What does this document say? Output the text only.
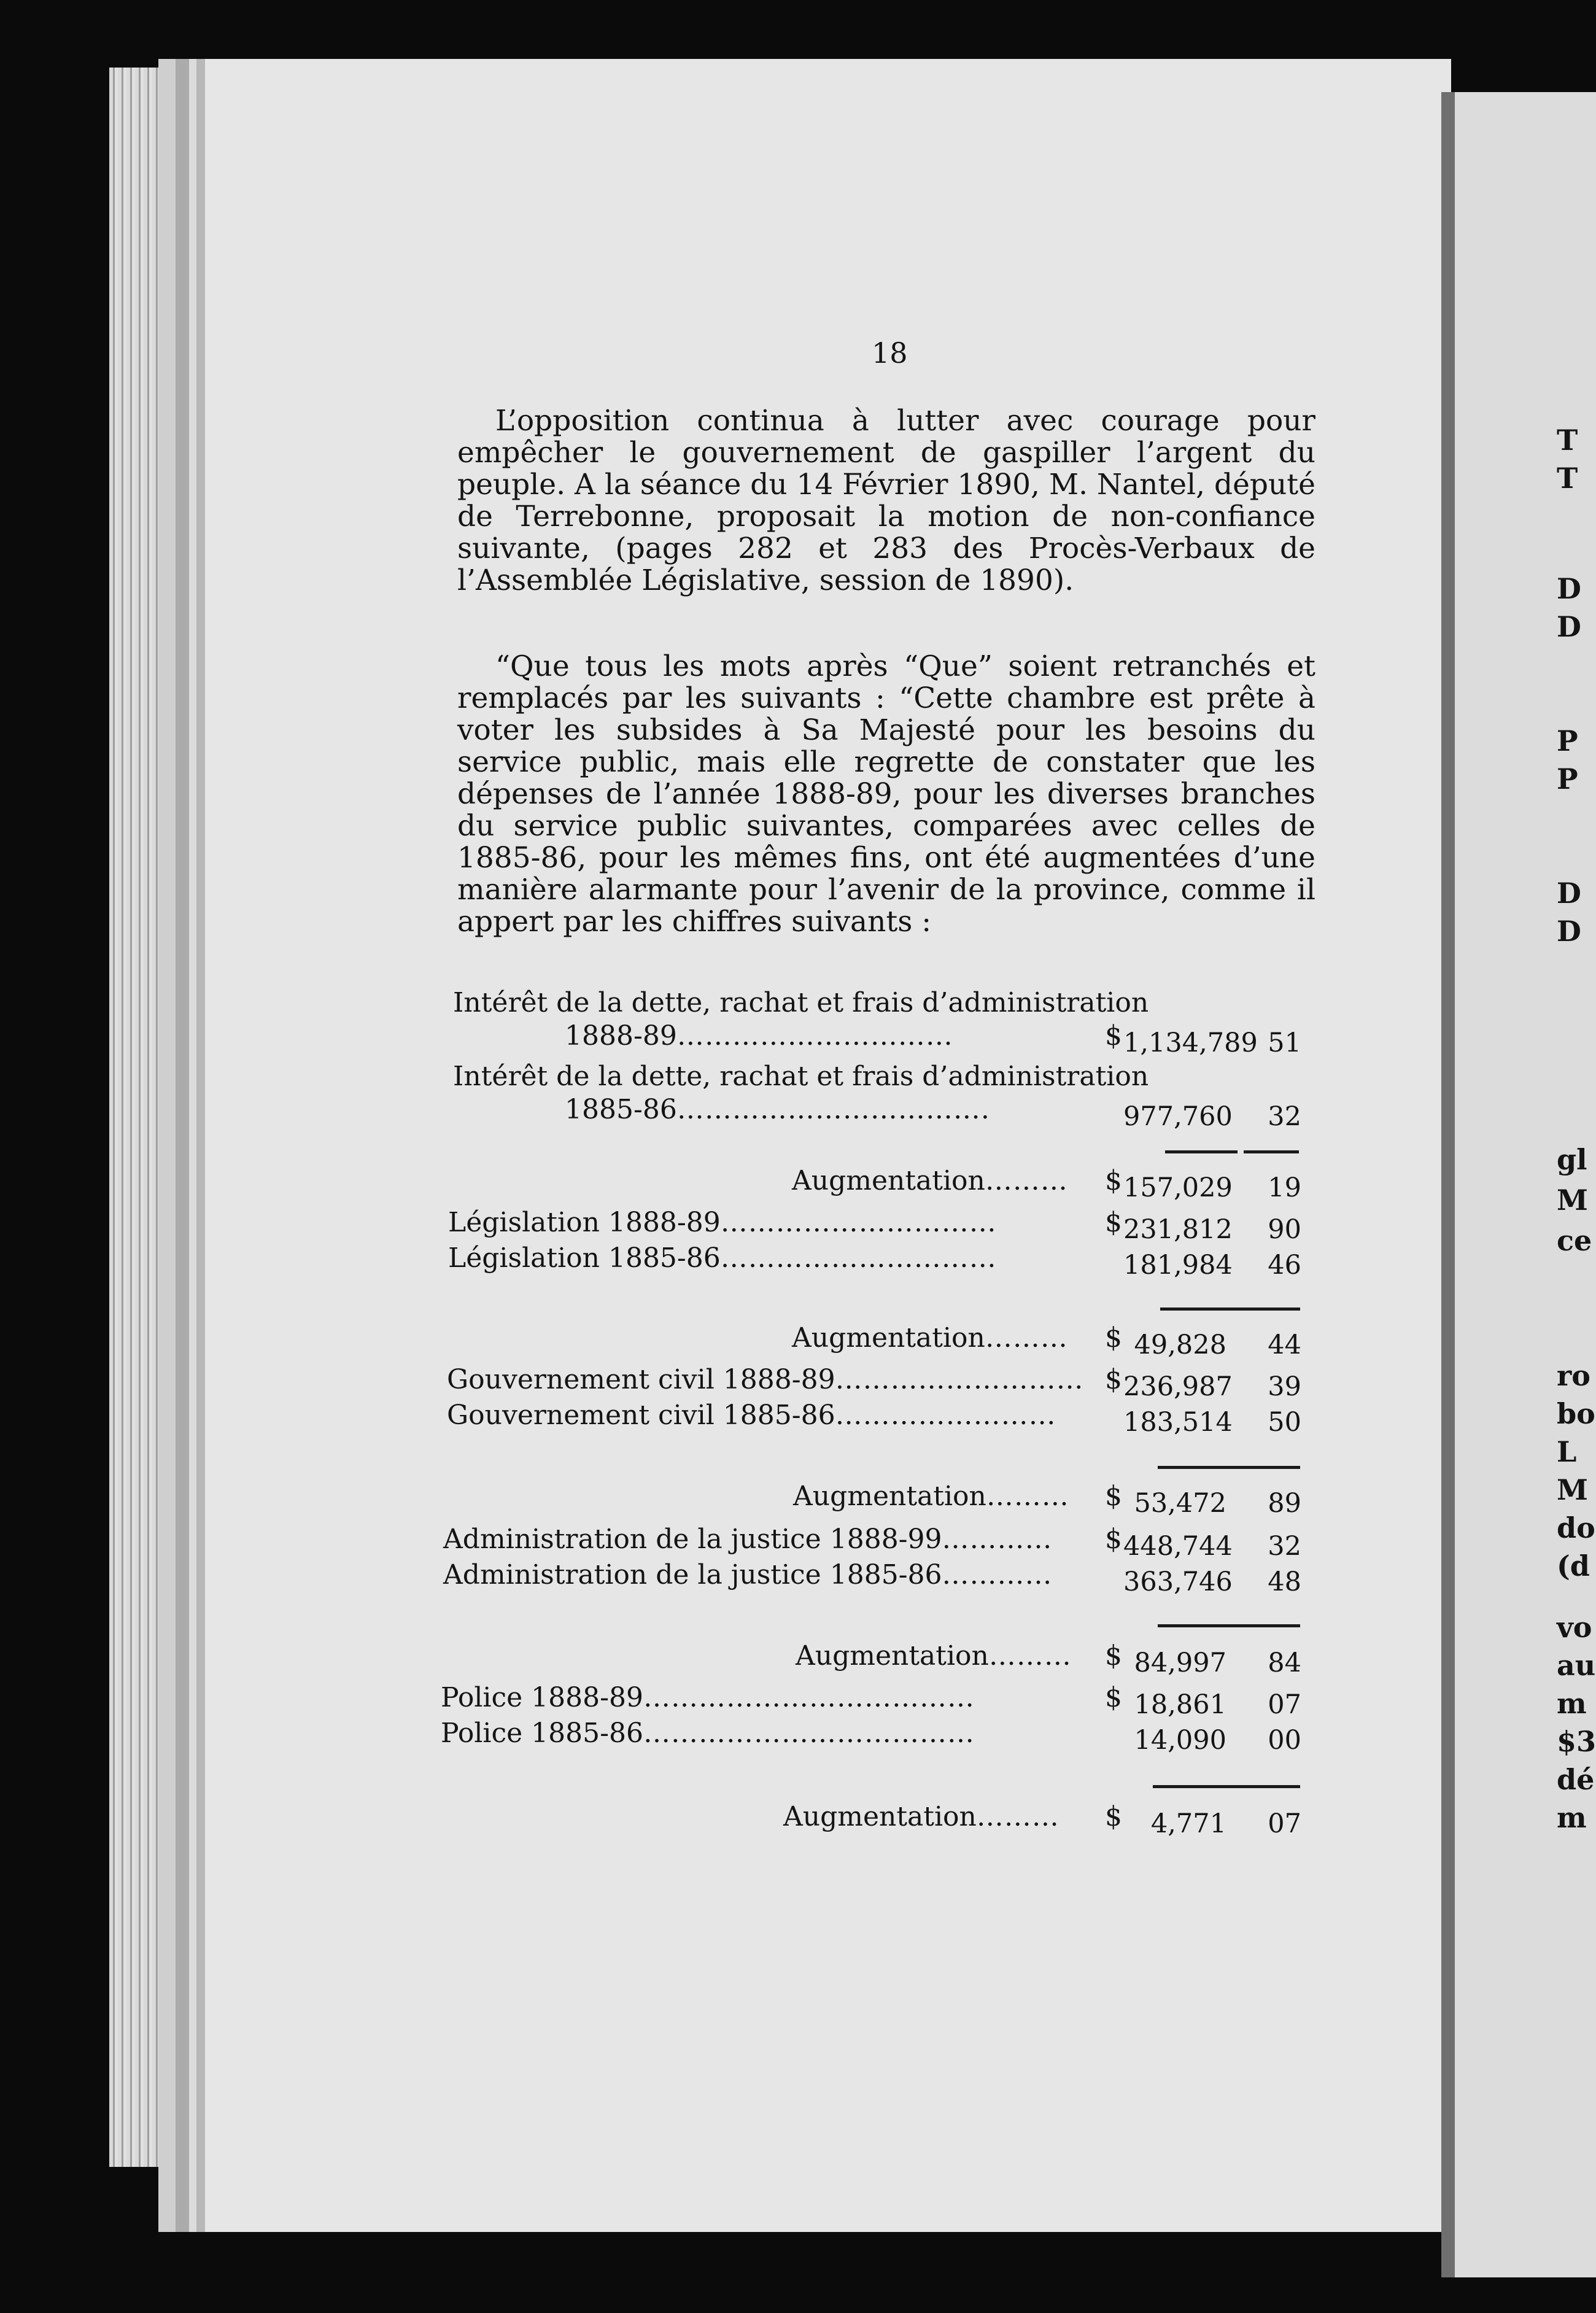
T
T
D
D
P
P
D
D
gl
M
ce
ro
bo
L
M
do
(d
vo
au
m
$3
dé
m
18

L’opposition continua à lutter avec courage pour empêcher le gouvernement de gaspiller l’argent du peuple. A la séance du 14 Février 1890, M. Nantel, député de Terrebonne, proposait la motion de non-confiance suivante, (pages 282 et 283 des Procès-Verbaux de l’Assemblée Législative, session de 1890).

“Que tous les mots après “Que” soient retranchés et remplacés par les suivants : “Cette chambre est prête à voter les subsides à Sa Majesté pour les besoins du service public, mais elle regrette de constater que les dépenses de l’année 1888-89, pour les diverses branches du service public suivantes, comparées avec celles de 1885-86, pour les mêmes fins, ont été augmentées d’une manière alarmante pour l’avenir de la province, comme il appert par les chiffres suivants :

Intérêt de la dette, rachat et frais d’administration
Intérêt de la dette, rachat et frais d’administration
1888-89…………………………	$ 1,134,789 51
1885-86…………………………….	977,760 32
Augmentation……… $ 157,029 19
Législation 1888-89…………………………	$ 231,812 90
Législation 1885-86…………………………	181,984 46
Augmentation……… $ 49,828 44
Gouvernement civil 1888-89……………………… $ 236,987 39
Gouvernement civil 1885-86……………………	183,514 50
Augmentation……… $ 53,472 89
Administration de la justice 1888-99………… $ 448,744 32
Administration de la justice 1885-86…………	363,746 48
Augmentation……… $ 84,997 84
Police 1888-89………………………………	$ 18,861 07
Police 1885-86………………………………	14,090 00
Augmentation……… $	4,771 07
